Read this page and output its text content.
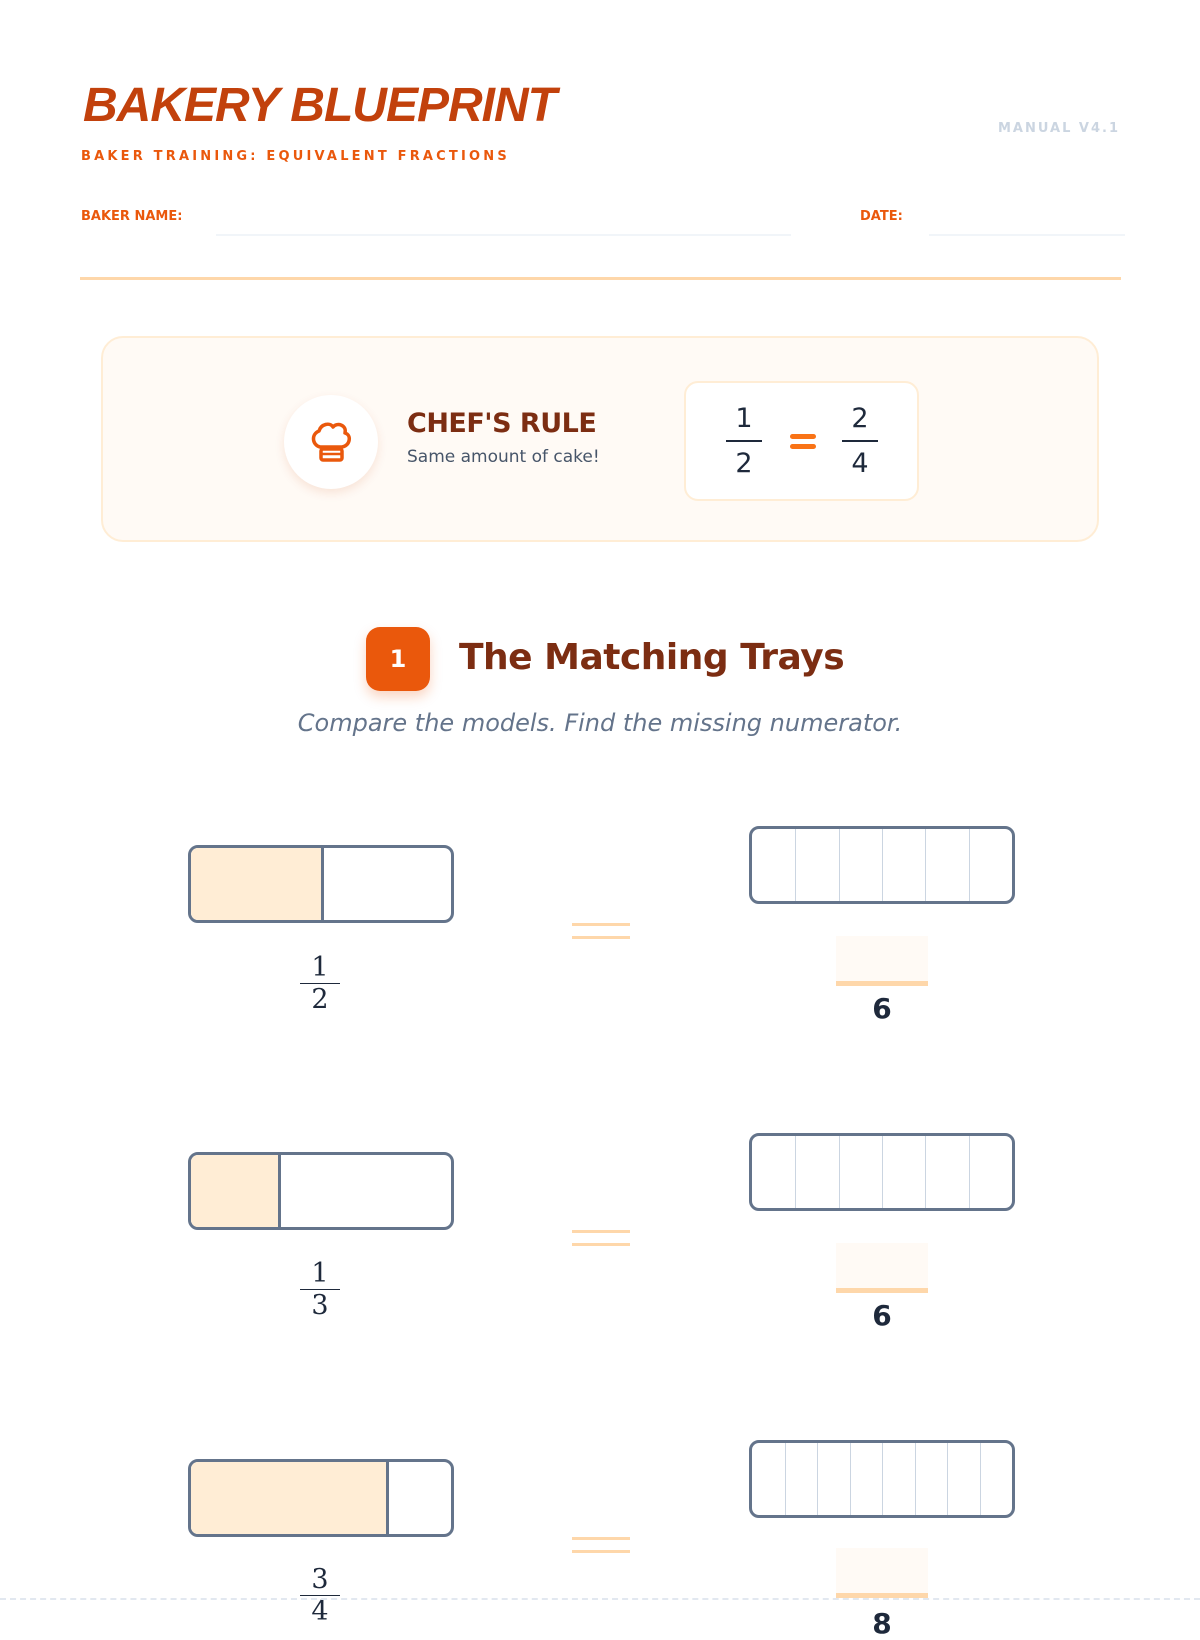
BAKERY BLUEPRINT
BAKER TRAINING: EQUIVALENT FRACTIONS
MANUAL V4.1
BAKER NAME:	DATE:
CHEF'S RULE
Same amount of cake!
1
2
2
4
1	The Matching Trays
Compare the models. Find the missing numerator.
1
2	6
1
3	6
3
4	8
